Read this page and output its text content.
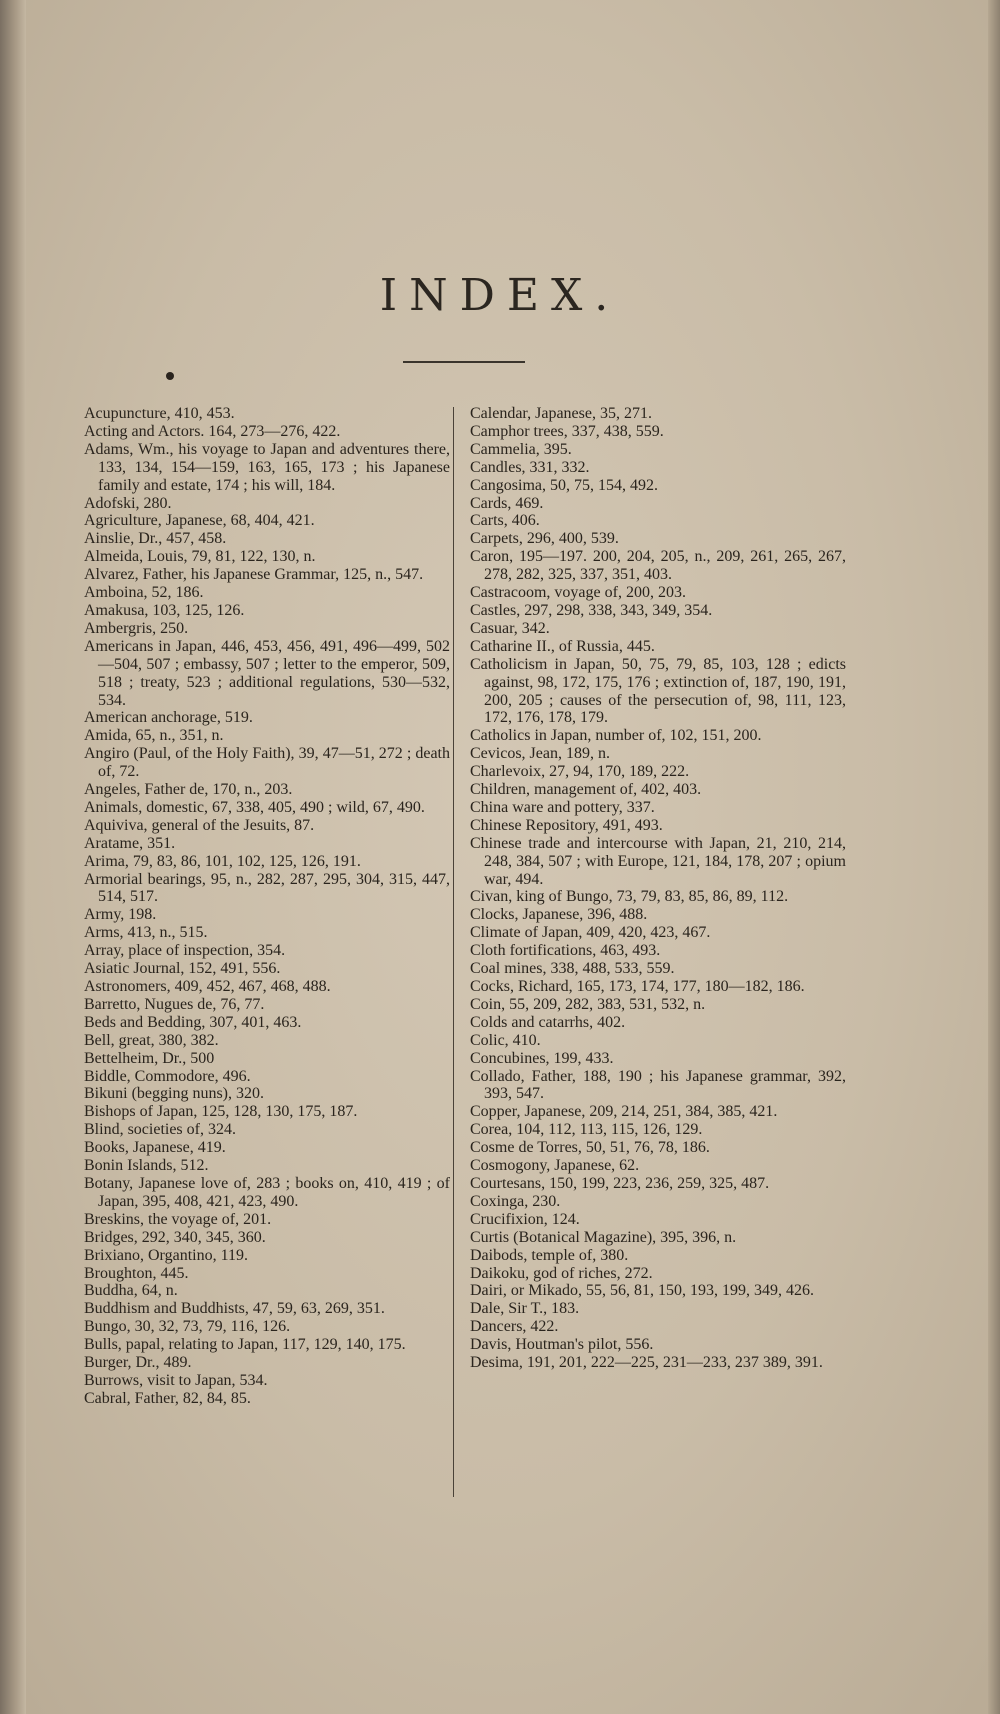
INDEX.

Acupuncture, 410, 453.

Acting and Actors. 164, 273—276, 422.

Adams, Wm., his voyage to Japan and adventures there, 133, 134, 154—159, 163, 165, 173 ; his Japanese family and estate, 174 ; his will, 184.

Adofski, 280.

Agriculture, Japanese, 68, 404, 421.

Ainslie, Dr., 457, 458.

Almeida, Louis, 79, 81, 122, 130, n.

Alvarez, Father, his Japanese Grammar, 125, n., 547.

Amboina, 52, 186.

Amakusa, 103, 125, 126.

Ambergris, 250.

Americans in Japan, 446, 453, 456, 491, 496—499, 502—504, 507 ; embassy, 507 ; letter to the emperor, 509, 518 ; treaty, 523 ; additional regulations, 530—532, 534.

American anchorage, 519.

Amida, 65, n., 351, n.

Angiro (Paul, of the Holy Faith), 39, 47—51, 272 ; death of, 72.

Angeles, Father de, 170, n., 203.

Animals, domestic, 67, 338, 405, 490 ; wild, 67, 490.

Aquiviva, general of the Jesuits, 87.

Aratame, 351.

Arima, 79, 83, 86, 101, 102, 125, 126, 191.

Armorial bearings, 95, n., 282, 287, 295, 304, 315, 447, 514, 517.

Army, 198.

Arms, 413, n., 515.

Array, place of inspection, 354.

Asiatic Journal, 152, 491, 556.

Astronomers, 409, 452, 467, 468, 488.

Barretto, Nugues de, 76, 77.

Beds and Bedding, 307, 401, 463.

Bell, great, 380, 382.

Bettelheim, Dr., 500

Biddle, Commodore, 496.

Bikuni (begging nuns), 320.

Bishops of Japan, 125, 128, 130, 175, 187.

Blind, societies of, 324.

Books, Japanese, 419.

Bonin Islands, 512.

Botany, Japanese love of, 283 ; books on, 410, 419 ; of Japan, 395, 408, 421, 423, 490.

Breskins, the voyage of, 201.

Bridges, 292, 340, 345, 360.

Brixiano, Organtino, 119.

Broughton, 445.

Buddha, 64, n.

Buddhism and Buddhists, 47, 59, 63, 269, 351.

Bungo, 30, 32, 73, 79, 116, 126.

Bulls, papal, relating to Japan, 117, 129, 140, 175.

Burger, Dr., 489.

Burrows, visit to Japan, 534.

Cabral, Father, 82, 84, 85.

Calendar, Japanese, 35, 271.

Camphor trees, 337, 438, 559.

Cammelia, 395.

Candles, 331, 332.

Cangosima, 50, 75, 154, 492.

Cards, 469.

Carts, 406.

Carpets, 296, 400, 539.

Caron, 195—197. 200, 204, 205, n., 209, 261, 265, 267, 278, 282, 325, 337, 351, 403.

Castracoom, voyage of, 200, 203.

Castles, 297, 298, 338, 343, 349, 354.

Casuar, 342.

Catharine II., of Russia, 445.

Catholicism in Japan, 50, 75, 79, 85, 103, 128 ; edicts against, 98, 172, 175, 176 ; extinction of, 187, 190, 191, 200, 205 ; causes of the persecution of, 98, 111, 123, 172, 176, 178, 179.

Catholics in Japan, number of, 102, 151, 200.

Cevicos, Jean, 189, n.

Charlevoix, 27, 94, 170, 189, 222.

Children, management of, 402, 403.

China ware and pottery, 337.

Chinese Repository, 491, 493.

Chinese trade and intercourse with Japan, 21, 210, 214, 248, 384, 507 ; with Europe, 121, 184, 178, 207 ; opium war, 494.

Civan, king of Bungo, 73, 79, 83, 85, 86, 89, 112.

Clocks, Japanese, 396, 488.

Climate of Japan, 409, 420, 423, 467.

Cloth fortifications, 463, 493.

Coal mines, 338, 488, 533, 559.

Cocks, Richard, 165, 173, 174, 177, 180—182, 186.

Coin, 55, 209, 282, 383, 531, 532, n.

Colds and catarrhs, 402.

Colic, 410.

Concubines, 199, 433.

Collado, Father, 188, 190 ; his Japanese grammar, 392, 393, 547.

Copper, Japanese, 209, 214, 251, 384, 385, 421.

Corea, 104, 112, 113, 115, 126, 129.

Cosme de Torres, 50, 51, 76, 78, 186.

Cosmogony, Japanese, 62.

Courtesans, 150, 199, 223, 236, 259, 325, 487.

Coxinga, 230.

Crucifixion, 124.

Curtis (Botanical Magazine), 395, 396, n.

Daibods, temple of, 380.

Daikoku, god of riches, 272.

Dairi, or Mikado, 55, 56, 81, 150, 193, 199, 349, 426.

Dale, Sir T., 183.

Dancers, 422.

Davis, Houtman's pilot, 556.

Desima, 191, 201, 222—225, 231—233, 237 389, 391.
